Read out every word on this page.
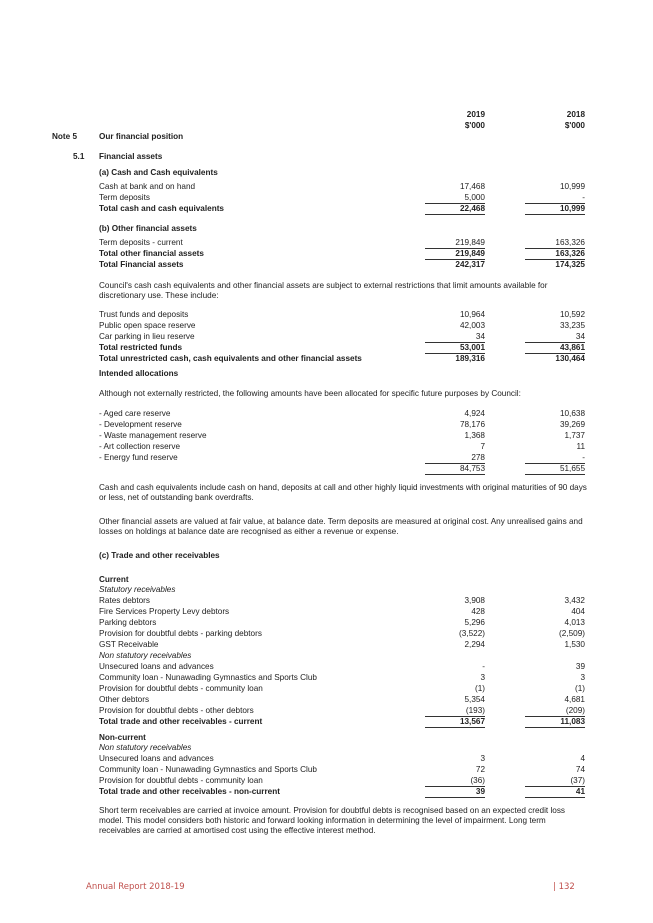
2019	2018
$'000	$'000
Note 5	Our financial position
5.1 Financial assets
(a) Cash and Cash equivalents
Cash at bank and on hand	17,468	10,999
Term deposits	5,000	-
Total cash and cash equivalents	22,468	10,999
(b) Other financial assets
Term deposits - current	219,849	163,326
Total other financial assets	219,849	163,326
Total Financial assets	242,317	174,325
Council's cash cash equivalents and other financial assets are subject to external restrictions that limit amounts available for discretionary use. These include:
Trust funds and deposits	10,964	10,592
Public open space reserve	42,003	33,235
Car parking in lieu reserve	34	34
Total restricted funds	53,001	43,861
Total unrestricted cash, cash equivalents and other financial assets	189,316	130,464
Intended allocations
Although not externally restricted, the following amounts have been allocated for specific future purposes by Council:
- Aged care reserve	4,924	10,638
- Development reserve	78,176	39,269
- Waste management reserve	1,368	1,737
- Art collection reserve	7	11
- Energy fund reserve	278	-
84,753	51,655
Cash and cash equivalents include cash on hand, deposits at call and other highly liquid investments with original maturities of 90 days or less, net of outstanding bank overdrafts.
Other financial assets are valued at fair value, at balance date. Term deposits are measured at original cost. Any unrealised gains and losses on holdings at balance date are recognised as either a revenue or expense.
(c) Trade and other receivables
Current
Statutory receivables
Rates debtors	3,908	3,432
Fire Services Property Levy debtors	428	404
Parking debtors	5,296	4,013
Provision for doubtful debts - parking debtors	(3,522)	(2,509)
GST Receivable	2,294	1,530
Non statutory receivables
Unsecured loans and advances	-	39
Community loan - Nunawading Gymnastics and Sports Club	3	3
Provision for doubtful debts - community loan	(1)	(1)
Other debtors	5,354	4,681
Provision for doubtful debts - other debtors	(193)	(209)
Total trade and other receivables - current	13,567	11,083
Non-current
Non statutory receivables
Unsecured loans and advances	3	4
Community loan - Nunawading Gymnastics and Sports Club	72	74
Provision for doubtful debts - community loan	(36)	(37)
Total trade and other receivables - non-current	39	41
Short term receivables are carried at invoice amount. Provision for doubtful debts is recognised based on an expected credit loss model. This model considers both historic and forward looking information in determining the level of impairment. Long term receivables are carried at amortised cost using the effective interest method.
Annual Report 2018-19	| 132
